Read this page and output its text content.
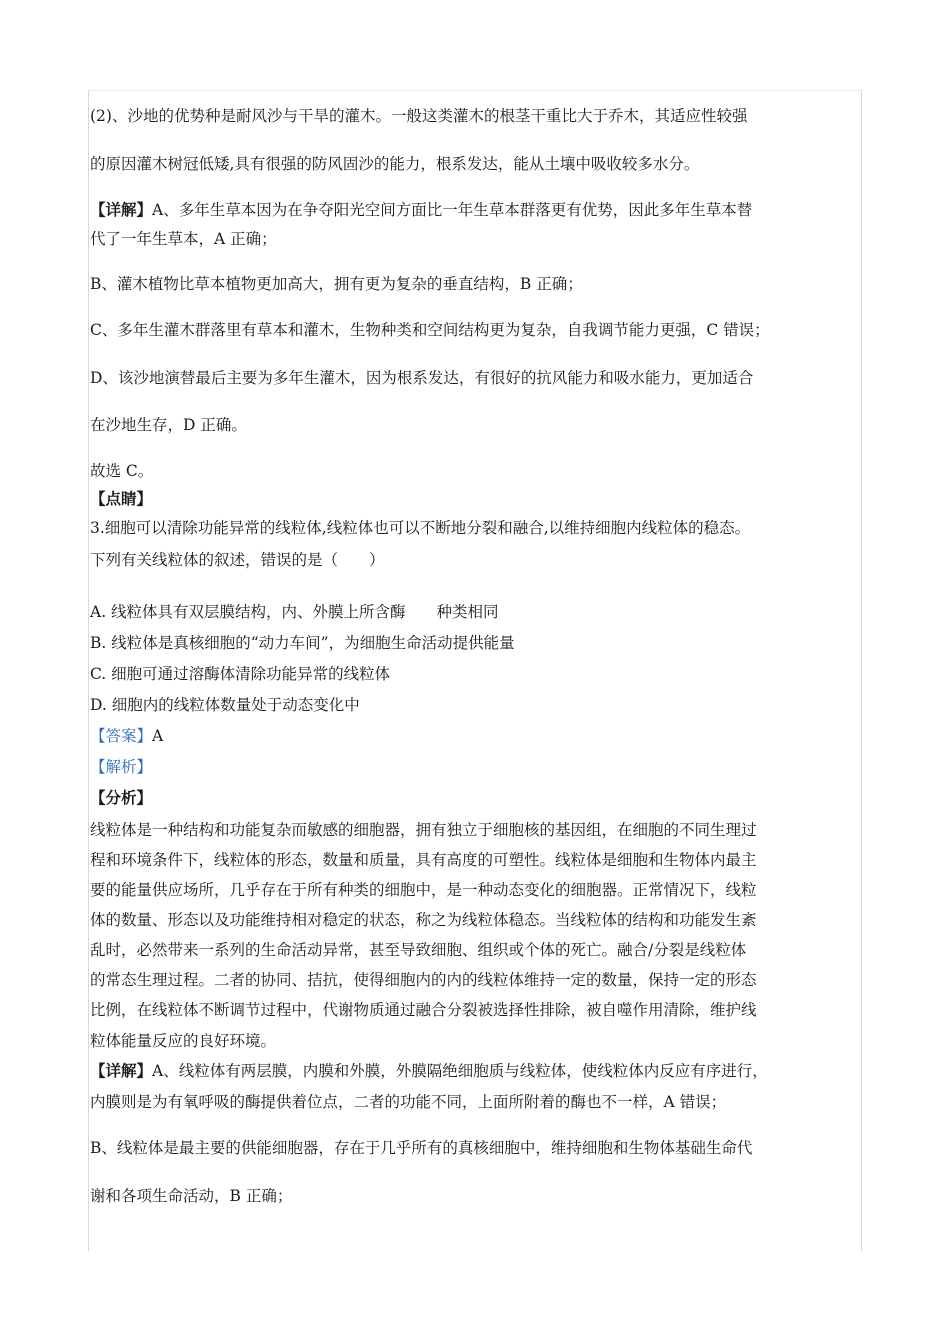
(2)、沙地的优势种是耐风沙与干旱的灌木。一般这类灌木的根茎干重比大于乔木，其适应性较强
的原因灌木树冠低矮,具有很强的防风固沙的能力，根系发达，能从土壤中吸收较多水分。
【详解】A、多年生草本因为在争夺阳光空间方面比一年生草本群落更有优势，因此多年生草本替
代了一年生草本，A 正确；
B、灌木植物比草本植物更加高大，拥有更为复杂的垂直结构，B 正确；
C、多年生灌木群落里有草本和灌木，生物种类和空间结构更为复杂，自我调节能力更强，C 错误；
D、该沙地演替最后主要为多年生灌木，因为根系发达，有很好的抗风能力和吸水能力，更加适合
在沙地生存，D 正确。
故选 C。
【点睛】
3.细胞可以清除功能异常的线粒体,线粒体也可以不断地分裂和融合,以维持细胞内线粒体的稳态。
下列有关线粒体的叙述，错误的是（　　）
A. 线粒体具有双层膜结构，内、外膜上所含酶　　种类相同
B. 线粒体是真核细胞的“动力车间”，为细胞生命活动提供能量
C. 细胞可通过溶酶体清除功能异常的线粒体
D. 细胞内的线粒体数量处于动态变化中
【答案】A
【解析】
【分析】
线粒体是一种结构和功能复杂而敏感的细胞器，拥有独立于细胞核的基因组，在细胞的不同生理过
程和环境条件下，线粒体的形态，数量和质量，具有高度的可塑性。线粒体是细胞和生物体内最主
要的能量供应场所，几乎存在于所有种类的细胞中，是一种动态变化的细胞器。正常情况下，线粒
体的数量、形态以及功能维持相对稳定的状态，称之为线粒体稳态。当线粒体的结构和功能发生紊
乱时，必然带来一系列的生命活动异常，甚至导致细胞、组织或个体的死亡。融合/分裂是线粒体
的常态生理过程。二者的协同、拮抗，使得细胞内的内的线粒体维持一定的数量，保持一定的形态
比例，在线粒体不断调节过程中，代谢物质通过融合分裂被选择性排除，被自噬作用清除，维护线
粒体能量反应的良好环境。
【详解】A、线粒体有两层膜，内膜和外膜，外膜隔绝细胞质与线粒体，使线粒体内反应有序进行，
内膜则是为有氧呼吸的酶提供着位点，二者的功能不同，上面所附着的酶也不一样，A 错误；
B、线粒体是最主要的供能细胞器，存在于几乎所有的真核细胞中，维持细胞和生物体基础生命代
谢和各项生命活动，B 正确；
